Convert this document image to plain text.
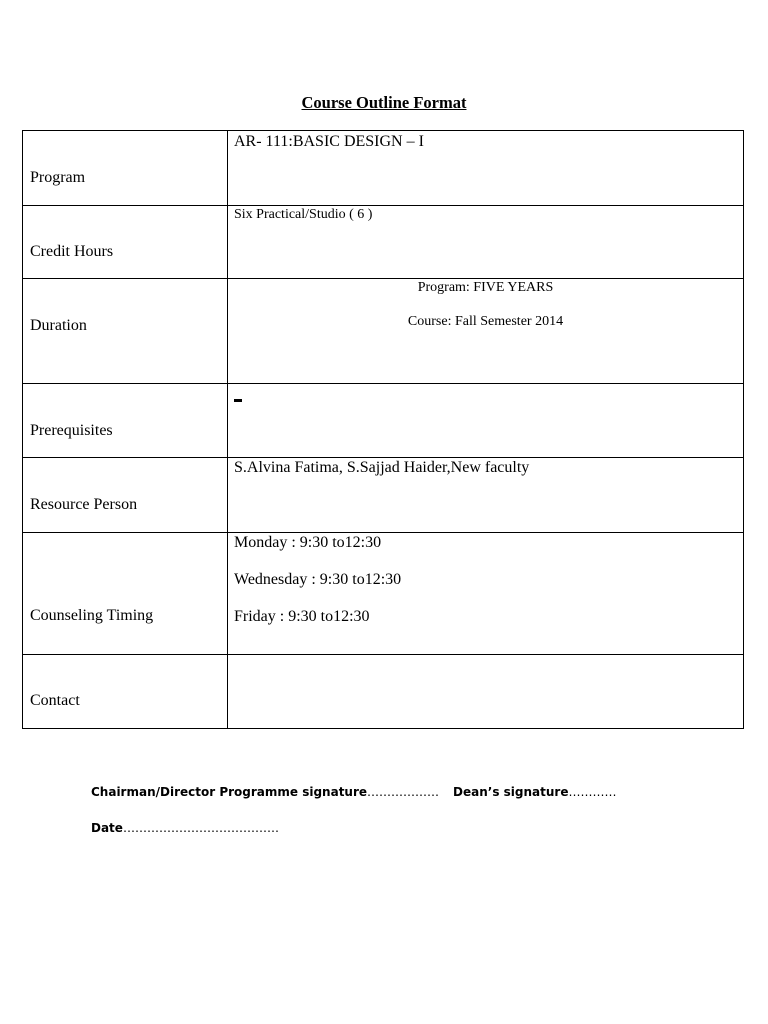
Course Outline Format
Program	AR- 111:BASIC DESIGN – I

Credit Hours	Six Practical/Studio ( 6 )

Duration	Program: FIVE YEARS
Course: Fall Semester 2014

Prerequisites	

Resource Person	S.Alvina Fatima, S.Sajjad Haider,New faculty

Counseling Timing	Monday : 9:30 to12:30
Wednesday : 9:30 to12:30
Friday : 9:30 to12:30

Contact	

Chairman/Director Programme signature……………… Dean’s signature…………
Date…………………………………
